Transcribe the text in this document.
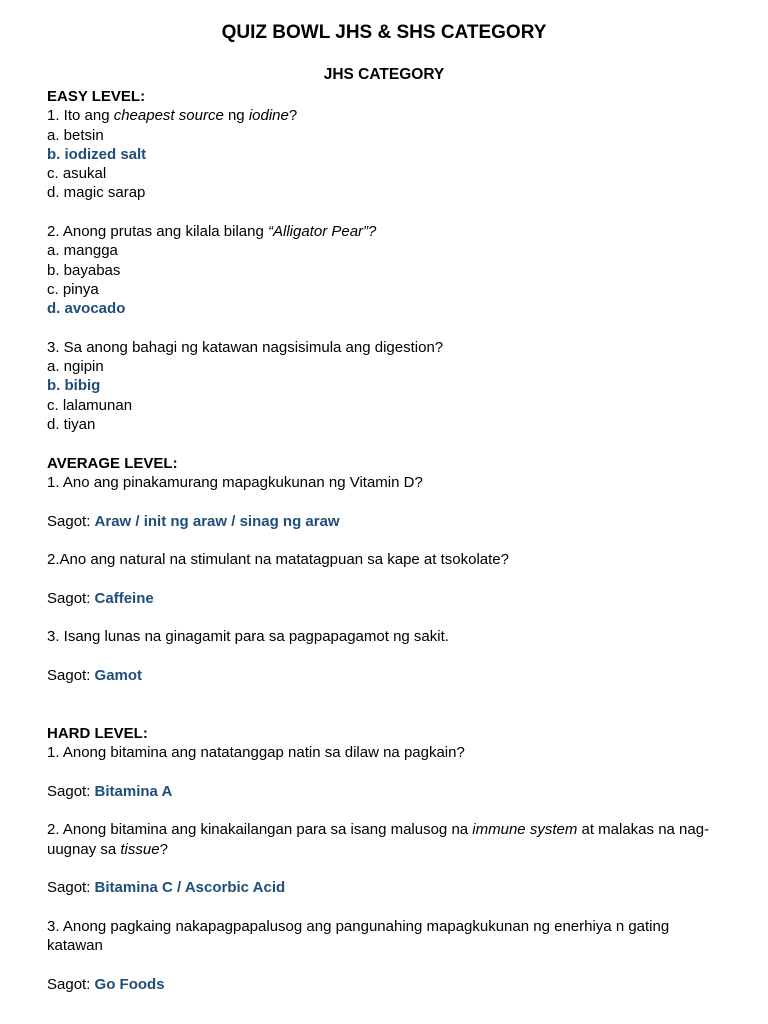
QUIZ BOWL JHS & SHS CATEGORY
JHS CATEGORY
EASY LEVEL:
1. Ito ang cheapest source ng iodine?
a. betsin
b. iodized salt
c. asukal
d. magic sarap
2. Anong prutas ang kilala bilang “Alligator Pear”?
a. mangga
b. bayabas
c. pinya
d. avocado
3. Sa anong bahagi ng katawan nagsisimula ang digestion?
a. ngipin
b. bibig
c. lalamunan
d. tiyan
AVERAGE LEVEL:
1. Ano ang pinakamurang mapagkukunan ng Vitamin D?
Sagot: Araw / init ng araw / sinag ng araw
2.Ano ang natural na stimulant na matatagpuan sa kape at tsokolate?
Sagot: Caffeine
3. Isang lunas na ginagamit para sa pagpapagamot ng sakit.
Sagot: Gamot
HARD LEVEL:
1. Anong bitamina ang natatanggap natin sa dilaw na pagkain?
Sagot: Bitamina A
2. Anong bitamina ang kinakailangan para sa isang malusog na immune system at malakas na nag-uugnay sa tissue?
Sagot: Bitamina C / Ascorbic Acid
3. Anong pagkaing nakapagpapalusog ang pangunahing mapagkukunan ng enerhiya n gating katawan
Sagot: Go Foods
